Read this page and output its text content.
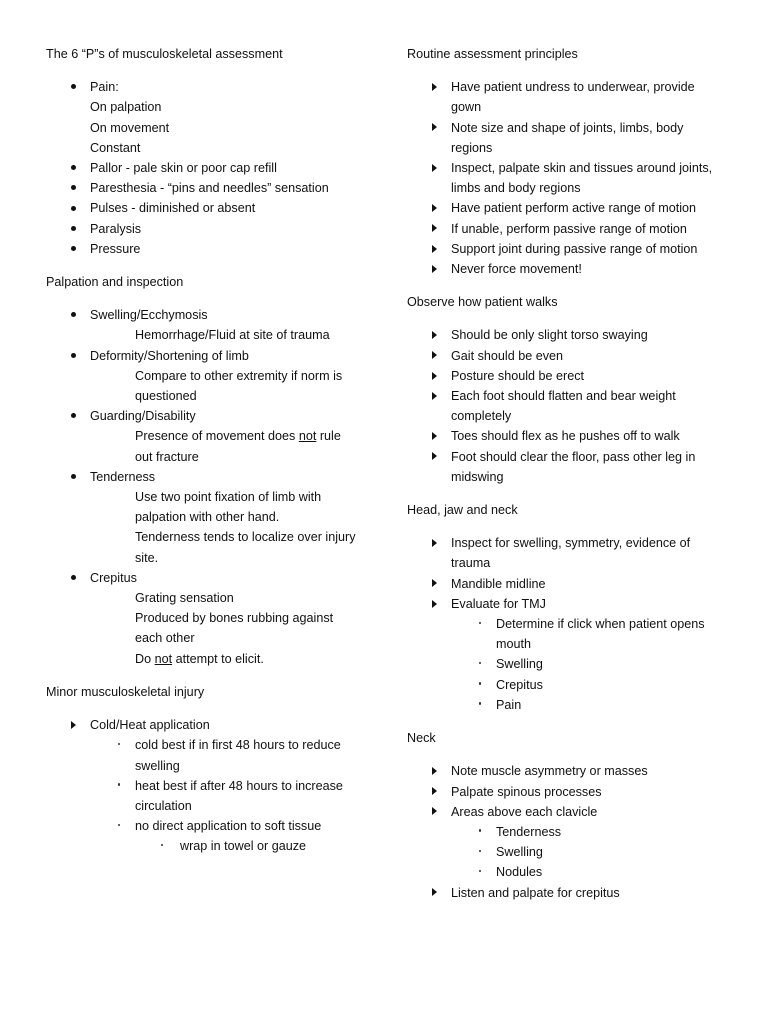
The 6 “P”s of musculoskeletal assessment

Pain:
On palpation
On movement
Constant
Pallor - pale skin or poor cap refill
Paresthesia - “pins and needles” sensation
Pulses - diminished or absent
Paralysis
Pressure

Palpation and inspection

Swelling/Ecchymosis
Hemorrhage/Fluid at site of trauma
Deformity/Shortening of limb
Compare to other extremity if norm is
questioned
Guarding/Disability
Presence of movement does not rule
out fracture
Tenderness
Use two point fixation of limb with
palpation with other hand.
Tenderness tends to localize over injury
site.
Crepitus
Grating sensation
Produced by bones rubbing against
each other
Do not attempt to elicit.

Minor musculoskeletal injury

Cold/Heat application
cold best if in first 48 hours to reduce
swelling
heat best if after 48 hours to increase
circulation
no direct application to soft tissue
wrap in towel or gauze

Routine assessment principles

Have patient undress to underwear, provide
gown
Note size and shape of joints, limbs, body
regions
Inspect, palpate skin and tissues around joints,
limbs and body regions
Have patient perform active range of motion
If unable, perform passive range of motion
Support joint during passive range of motion
Never force movement!

Observe how patient walks

Should be only slight torso swaying
Gait should be even
Posture should be erect
Each foot should flatten and bear weight
completely
Toes should flex as he pushes off to walk
Foot should clear the floor, pass other leg in
midswing

Head, jaw and neck

Inspect for swelling, symmetry, evidence of
trauma
Mandible midline
Evaluate for TMJ
Determine if click when patient opens
mouth
Swelling
Crepitus
Pain

Neck

Note muscle asymmetry or masses
Palpate spinous processes
Areas above each clavicle
Tenderness
Swelling
Nodules
Listen and palpate for crepitus
